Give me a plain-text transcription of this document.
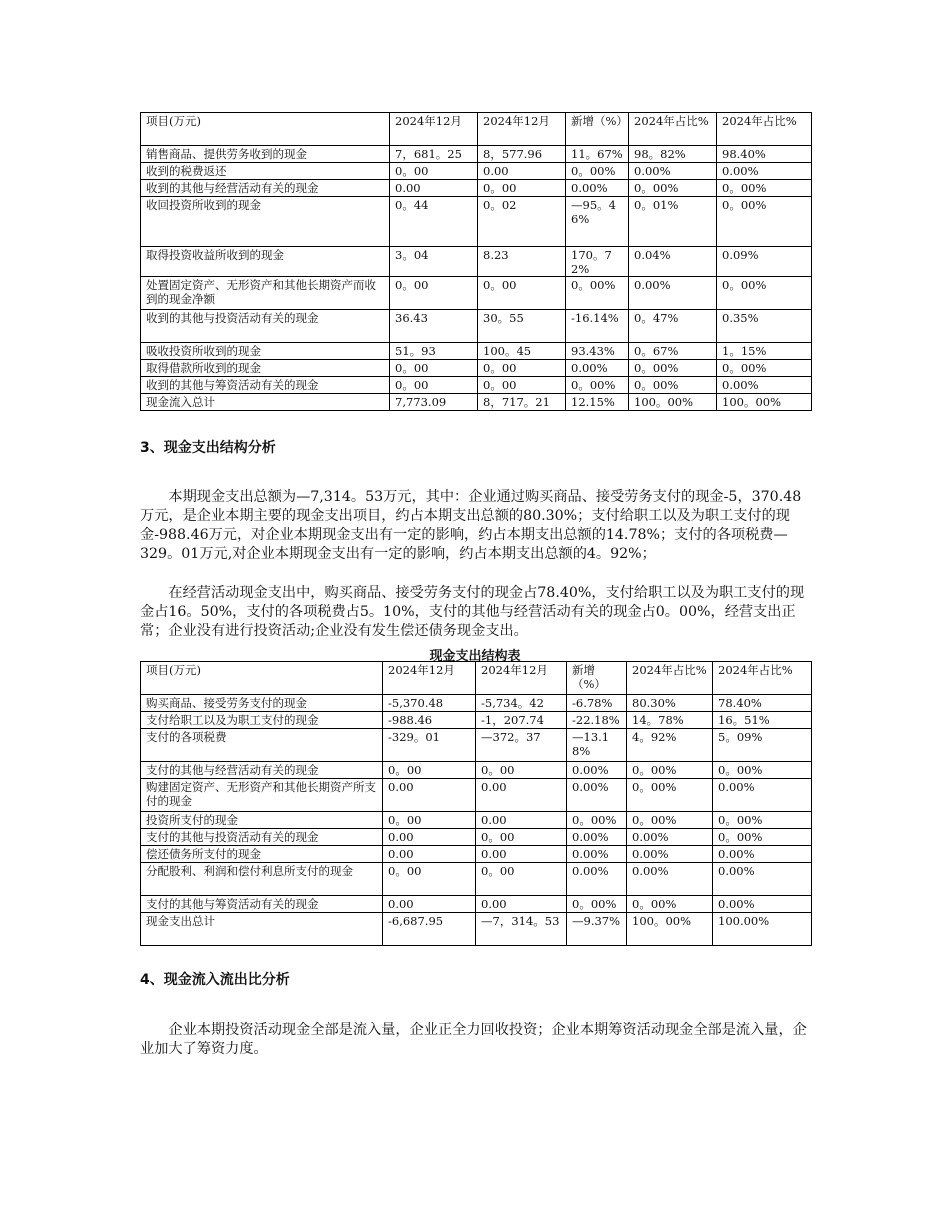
项目(万元)	2024年12月	2024年12月	新增（%）	2024年占比%	2024年占比%
销售商品、提供劳务收到的现金	7，681。25	8，577.96	11。67%	98。82%	98.40%
收到的税费返还	0。00	0.00	0。00%	0.00%	0.00%
收到的其他与经营活动有关的现金	0.00	0。00	0.00%	0。00%	0。00%
收回投资所收到的现金	0。44	0。02	—95。46%	0。01%	0。00%
取得投资收益所收到的现金	3。04	8.23	170。72%	0.04%	0.09%
处置固定资产、无形资产和其他长期资产而收到的现金净额	0。00	0。00	0。00%	0.00%	0。00%
收到的其他与投资活动有关的现金	36.43	30。55	-16.14%	0。47%	0.35%
吸收投资所收到的现金	51。93	100。45	93.43%	0。67%	1。15%
取得借款所收到的现金	0。00	0。00	0.00%	0。00%	0。00%
收到的其他与筹资活动有关的现金	0。00	0。00	0。00%	0。00%	0.00%
现金流入总计	7,773.09	8，717。21	12.15%	100。00%	100。00%

3、现金支出结构分析

本期现金支出总额为—7,314。53万元，其中：企业通过购买商品、接受劳务支付的现金-5，370.48万元，是企业本期主要的现金支出项目，约占本期支出总额的80.30%；支付给职工以及为职工支付的现金-988.46万元，对企业本期现金支出有一定的影响，约占本期支出总额的14.78%；支付的各项税费—329。01万元,对企业本期现金支出有一定的影响，约占本期支出总额的4。92%；

在经营活动现金支出中，购买商品、接受劳务支付的现金占78.40%，支付给职工以及为职工支付的现金占16。50%，支付的各项税费占5。10%，支付的其他与经营活动有关的现金占0。00%，经营支出正常；企业没有进行投资活动;企业没有发生偿还债务现金支出。

现金支出结构表

项目(万元)	2024年12月	2024年12月	新增（%）	2024年占比%	2024年占比%
购买商品、接受劳务支付的现金	-5,370.48	-5,734。42	-6.78%	80.30%	78.40%
支付给职工以及为职工支付的现金	-988.46	-1，207.74	-22.18%	14。78%	16。51%
支付的各项税费	-329。01	—372。37	—13.18%	4。92%	5。09%
支付的其他与经营活动有关的现金	0。00	0。00	0.00%	0。00%	0。00%
购建固定资产、无形资产和其他长期资产所支付的现金	0.00	0.00	0.00%	0。00%	0.00%
投资所支付的现金	0。00	0.00	0。00%	0。00%	0。00%
支付的其他与投资活动有关的现金	0.00	0。00	0.00%	0.00%	0。00%
偿还债务所支付的现金	0.00	0.00	0.00%	0.00%	0.00%
分配股利、利润和偿付利息所支付的现金	0。00	0。00	0.00%	0.00%	0.00%
支付的其他与筹资活动有关的现金	0.00	0.00	0。00%	0。00%	0.00%
现金支出总计	-6,687.95	—7，314。53	—9.37%	100。00%	100.00%

4、现金流入流出比分析

企业本期投资活动现金全部是流入量，企业正全力回收投资；企业本期筹资活动现金全部是流入量，企业加大了筹资力度。
